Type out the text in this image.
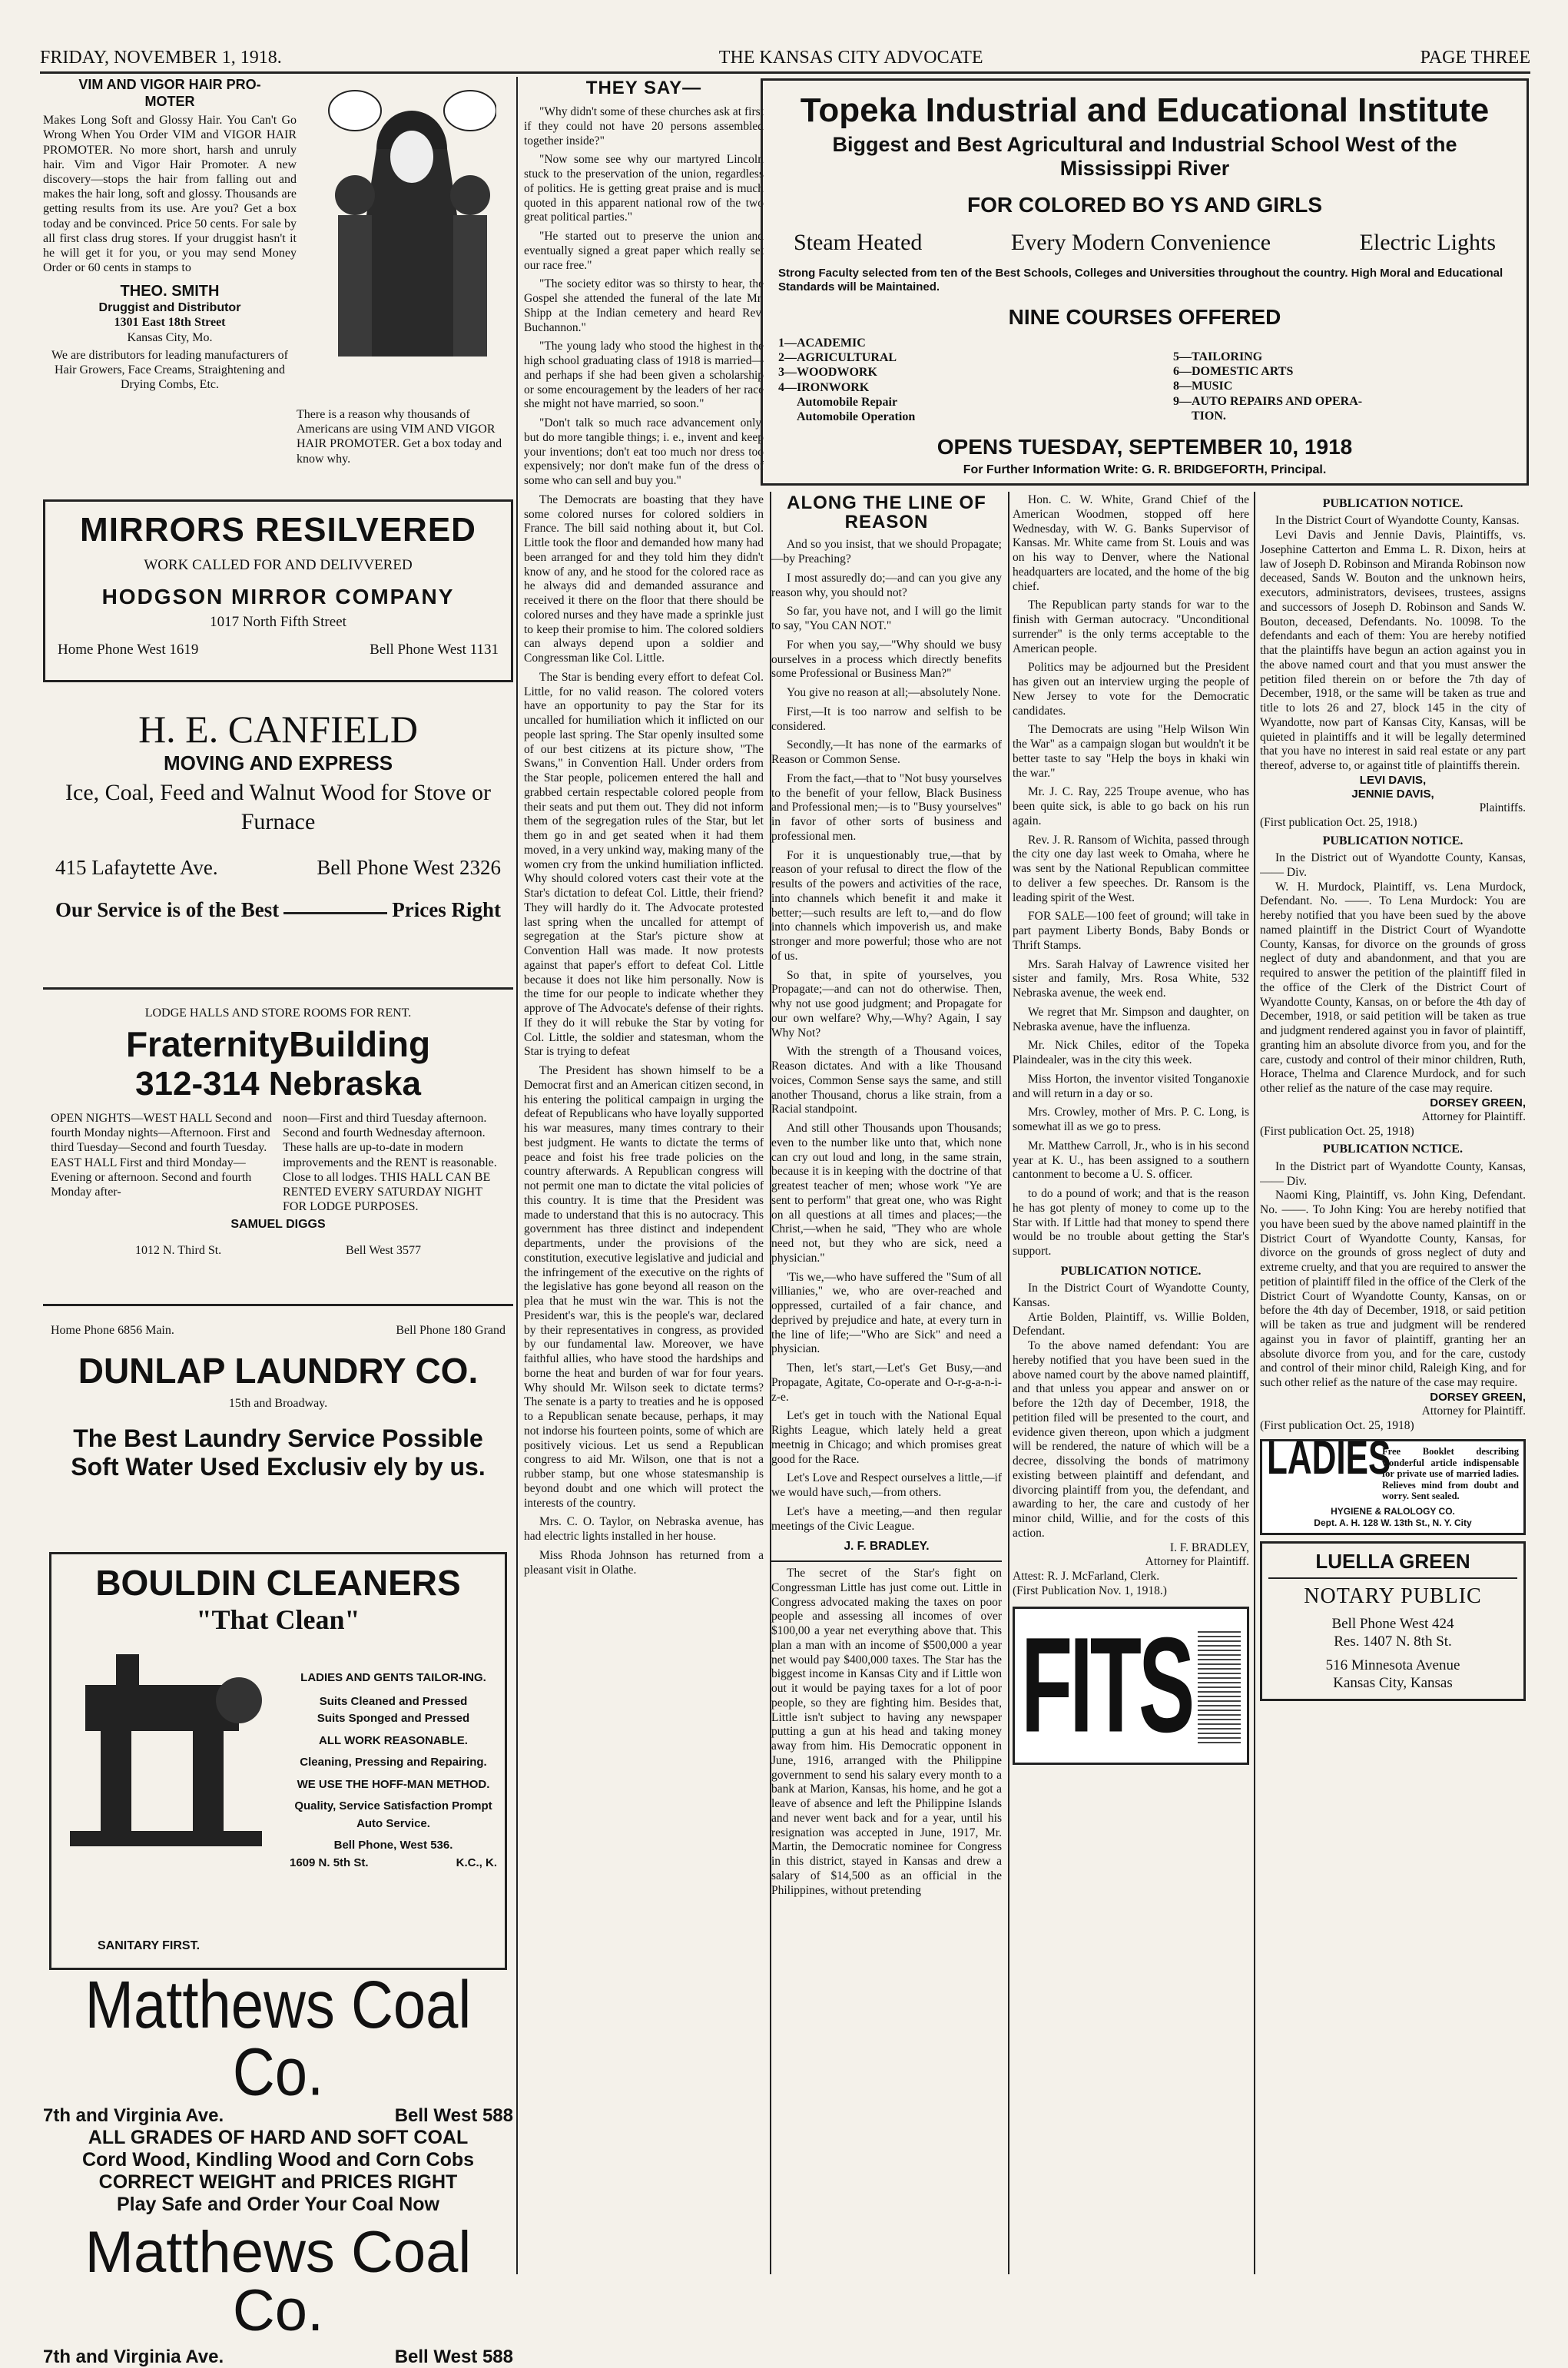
FRIDAY, NOVEMBER 1, 1918.	THE KANSAS CITY ADVOCATE	PAGE THREE
VIM AND VIGOR HAIR PRO-
MOTER
Makes Long Soft and Glossy Hair. You Can't Go Wrong When You Order VIM and VIGOR HAIR PROMOTER. No more short, harsh and unruly hair. Vim and Vigor Hair Promoter. A new discovery—stops the hair from falling out and makes the hair long, soft and glossy. Thousands are getting results from its use. Are you? Get a box today and be convinced. Price 50 cents. For sale by all first class drug stores. If your druggist hasn't it he will get it for you, or you may send Money Order or 60 cents in stamps to
THEO. SMITH
Druggist and Distributor
1301 East 18th Street
Kansas City, Mo.
We are distributors for leading manufacturers of Hair Growers, Face Creams, Straightening and Drying Combs, Etc.
There is a reason why thousands of Americans are using VIM AND VIGOR HAIR PROMOTER. Get a box today and know why.
MIRRORS RESILVERED
WORK CALLED FOR AND DELIVVERED
HODGSON MIRROR COMPANY
1017 North Fifth Street
Home Phone West 1619	Bell Phone West 1131
H. E. CANFIELD
MOVING AND EXPRESS
Ice, Coal, Feed and Walnut Wood for Stove or Furnace
415 Lafaytette Ave.	Bell Phone West 2326
Our Service is of the Best	Prices Right
LODGE HALLS AND STORE ROOMS FOR RENT.
FraternityBuilding
312-314 Nebraska
OPEN NIGHTS—WEST HALL Second and fourth Monday nights—Afternoon. First and third Tuesday—Second and fourth Tuesday. EAST HALL First and third Monday—Evening or afternoon. Second and fourth Monday after-
noon—First and third Tuesday afternoon. Second and fourth Wednesday afternoon. These halls are up-to-date in modern improvements and the RENT is reasonable. Close to all lodges. THIS HALL CAN BE RENTED EVERY SATURDAY NIGHT FOR LODGE PURPOSES.
SAMUEL DIGGS
1012 N. Third St.	Bell West 3577
Home Phone 6856 Main.	Bell Phone 180 Grand
DUNLAP LAUNDRY CO.
15th and Broadway.
The Best Laundry Service Possible
Soft Water Used Exclusiv ely by us.
BOULDIN CLEANERS
"That Clean"
LADIES AND GENTS TAILOR-ING.
Suits Cleaned and Pressed
Suits Sponged and Pressed
ALL WORK REASONABLE.
Cleaning, Pressing and Repairing.
WE USE THE HOFF-MAN METHOD.
Quality, Service Satisfaction Prompt Auto Service.
Bell Phone, West 536.
1609 N. 5th St.	K.C., K.
SANITARY FIRST.
Matthews Coal Co.
7th and Virginia Ave.	Bell West 588
ALL GRADES OF HARD AND SOFT COAL
Cord Wood, Kindling Wood and Corn Cobs
CORRECT WEIGHT and PRICES RIGHT
Play Safe and Order Your Coal Now
Matthews Coal Co.
7th and Virginia Ave.	Bell West 588
THEY SAY—

"Why didn't some of these churches ask at first if they could not have 20 persons assembled together inside?"

"Now some see why our martyred Lincoln stuck to the preservation of the union, regardless of politics. He is getting great praise and is much quoted in this apparent national row of the two great political parties."

"He started out to preserve the union and eventually signed a great paper which really set our race free."

"The society editor was so thirsty to hear, the Gospel she attended the funeral of the late Mr. Shipp at the Indian cemetery and heard Rev. Buchannon."

"The young lady who stood the highest in the high school graduating class of 1918 is married—and perhaps if she had been given a scholarship or some encouragement by the leaders of her race she might not have married, so soon."

"Don't talk so much race advancement only, but do more tangible things; i. e., invent and keep your inventions; don't eat too much nor dress too expensively; nor don't make fun of the dress of some who can sell and buy you."

The Democrats are boasting that they have some colored nurses for colored soldiers in France. The bill said nothing about it, but Col. Little took the floor and demanded how many had been arranged for and they told him they didn't know of any, and he stood for the colored race as he always did and demanded assurance and received it there on the floor that there should be colored nurses and they have made a sprinkle just to keep their promise to him. The colored soldiers can always depend upon a soldier and Congressman like Col. Little.

The Star is bending every effort to defeat Col. Little, for no valid reason. The colored voters have an opportunity to pay the Star for its uncalled for humiliation which it inflicted on our people last spring. The Star openly insulted some of our best citizens at its picture show, "The Swans," in Convention Hall. Under orders from the Star people, policemen entered the hall and grabbed certain respectable colored people from their seats and put them out. They did not inform them of the segregation rules of the Star, but let them go in and get seated when it had them moved, in a very unkind way, making many of the women cry from the unkind humiliation inflicted. Why should colored voters cast their vote at the Star's dictation to defeat Col. Little, their friend? They will hardly do it. The Advocate protested last spring when the uncalled for attempt of segregation at the Star's picture show at Convention Hall was made. It now protests against that paper's effort to defeat Col. Little because it does not like him personally. Now is the time for our people to indicate whether they approve of The Advocate's defense of their rights. If they do it will rebuke the Star by voting for Col. Little, the soldier and statesman, whom the Star is trying to defeat

The President has shown himself to be a Democrat first and an American citizen second, in his entering the political campaign in urging the defeat of Republicans who have loyally supported his war measures, many times contrary to their best judgment. He wants to dictate the terms of peace and foist his free trade policies on the country afterwards. A Republican congress will not permit one man to dictate the vital policies of this country. It is time that the President was made to understand that this is no autocracy. This government has three distinct and independent departments, under the provisions of the constitution, executive legislative and judicial and the infringement of the executive on the rights of the legislative has gone beyond all reason on the plea that he must win the war. This is not the President's war, this is the people's war, declared by their representatives in congress, as provided by our fundamental law. Moreover, we have faithful allies, who have stood the hardships and borne the heat and burden of war for four years. Why should Mr. Wilson seek to dictate terms? The senate is a party to treaties and he is opposed to a Republican senate because, perhaps, it may not indorse his fourteen points, some of which are positively vicious. Let us send a Republican congress to aid Mr. Wilson, one that is not a rubber stamp, but one whose statesmanship is beyond doubt and one which will protect the interests of the country.

Mrs. C. O. Taylor, on Nebraska avenue, has had electric lights installed in her house.

Miss Rhoda Johnson has returned from a pleasant visit in Olathe.

Topeka Industrial and Educational Institute
Biggest and Best Agricultural and Industrial School West of the
Mississippi River
FOR COLORED BO YS AND GIRLS
Steam Heated	Every Modern Convenience	Electric Lights
Strong Faculty selected from ten of the Best Schools, Colleges and Universities throughout the country. High Moral and Educational Standards will be Maintained.
NINE COURSES OFFERED
1—ACADEMIC
2—AGRICULTURAL
3—WOODWORK
4—IRONWORK
Automobile Repair
Automobile Operation
5—TAILORING
6—DOMESTIC ARTS
8—MUSIC
9—AUTO REPAIRS AND OPERA-
TION.
OPENS TUESDAY, SEPTEMBER 10, 1918
For Further Information Write: G. R. BRIDGEFORTH, Principal.
ALONG THE LINE OF REASON

And so you insist, that we should Propagate;—by Preaching?

I most assuredly do;—and can you give any reason why, you should not?

So far, you have not, and I will go the limit to say, "You CAN NOT."

For when you say,—"Why should we busy ourselves in a process which directly benefits some Professional or Business Man?"

You give no reason at all;—absolutely None.

First,—It is too narrow and selfish to be considered.

Secondly,—It has none of the earmarks of Reason or Common Sense.

From the fact,—that to "Not busy yourselves to the benefit of your fellow, Black Business and Professional men;—is to "Busy yourselves" in favor of other sorts of business and professional men.

For it is unquestionably true,—that by reason of your refusal to direct the flow of the results of the powers and activities of the race, into channels which benefit it and make it better;—such results are left to,—and do flow into channels which impoverish us, and make stronger and more powerful; those who are not of us.

So that, in spite of yourselves, you Propagate;—and can not do otherwise. Then, why not use good judgment; and Propagate for our own welfare? Why,—Why? Again, I say Why Not?

With the strength of a Thousand voices, Reason dictates. And with a like Thousand voices, Common Sense says the same, and still another Thousand, chorus a like strain, from a Racial standpoint.

And still other Thousands upon Thousands; even to the number like unto that, which none can cry out loud and long, in the same strain, because it is in keeping with the doctrine of that greatest teacher of men; whose work "Ye are sent to perform" that great one, who was Right on all questions at all times and places;—the Christ,—when he said, "They who are whole need not, but they who are sick, need a physician."

'Tis we,—who have suffered the "Sum of all villianies," we, who are over-reached and oppressed, curtailed of a fair chance, and deprived by prejudice and hate, at every turn in the line of life;—"Who are Sick" and need a physician.

Then, let's start,—Let's Get Busy,—and Propagate, Agitate, Co-operate and O-r-g-a-n-i-z-e.

Let's get in touch with the National Equal Rights League, which lately held a great meetnig in Chicago; and which promises great good for the Race.

Let's Love and Respect ourselves a little,—if we would have such,—from others.

Let's have a meeting,—and then regular meetings of the Civic League.

J. F. BRADLEY.

The secret of the Star's fight on Congressman Little has just come out. Little in Congress advocated making the taxes on poor people and assessing all incomes of over $100,00 a year net everything above that. This plan a man with an income of $500,000 a year net would pay $400,000 taxes. The Star has the biggest income in Kansas City and if Little won out it would be paying taxes for a lot of poor people, so they are fighting him. Besides that, Little isn't subject to having any newspaper putting a gun at his head and taking money away from him. His Democratic opponent in June, 1916, arranged with the Philippine government to send his salary every month to a bank at Marion, Kansas, his home, and he got a leave of absence and left the Philippine Islands and never went back and for a year, until his resignation was accepted in June, 1917, Mr. Martin, the Democratic nominee for Congress in this district, stayed in Kansas and drew a salary of $14,500 as an official in the Philippines, without pretending

Hon. C. W. White, Grand Chief of the American Woodmen, stopped off here Wednesday, with W. G. Banks Supervisor of Kansas. Mr. White came from St. Louis and was on his way to Denver, where the National headquarters are located, and the home of the big chief.

The Republican party stands for war to the finish with German autocracy. "Unconditional surrender" is the only terms acceptable to the American people.

Politics may be adjourned but the President has given out an interview urging the people of New Jersey to vote for the Democratic candidates.

The Democrats are using "Help Wilson Win the War" as a campaign slogan but wouldn't it be better taste to say "Help the boys in khaki win the war."

Mr. J. C. Ray, 225 Troupe avenue, who has been quite sick, is able to go back on his run again.

Rev. J. R. Ransom of Wichita, passed through the city one day last week to Omaha, where he was sent by the National Republican committee to deliver a few speeches. Dr. Ransom is the leading spirit of the West.

FOR SALE—100 feet of ground; will take in part payment Liberty Bonds, Baby Bonds or Thrift Stamps.

Mrs. Sarah Halvay of Lawrence visited her sister and family, Mrs. Rosa White, 532 Nebraska avenue, the week end.

We regret that Mr. Simpson and daughter, on Nebraska avenue, have the influenza.

Mr. Nick Chiles, editor of the Topeka Plaindealer, was in the city this week.

Miss Horton, the inventor visited Tonganoxie and will return in a day or so.

Mrs. Crowley, mother of Mrs. P. C. Long, is somewhat ill as we go to press.

Mr. Matthew Carroll, Jr., who is in his second year at K. U., has been assigned to a southern cantonment to become a U. S. officer.

to do a pound of work; and that is the reason he has got plenty of money to come up to the Star with. If Little had that money to spend there would be no trouble about getting the Star's support.

PUBLICATION NOTICE.

In the District Court of Wyandotte County, Kansas.

Artie Bolden, Plaintiff, vs. Willie Bolden, Defendant.

To the above named defendant: You are hereby notified that you have been sued in the above named court by the above named plaintiff, and that unless you appear and answer on or before the 12th day of December, 1918, the petition filed will be presented to the court, and evidence given thereon, upon which a judgment will be rendered, the nature of which will be a decree, dissolving the bonds of matrimony existing between plaintiff and defendant, and divorcing plaintiff from you, the defendant, and awarding to her, the care and custody of her minor child, Willie, and for the costs of this action.

I. F. BRADLEY,
Attorney for Plaintiff.
Attest: R. J. McFarland, Clerk.
(First Publication Nov. 1, 1918.)
FITS
PUBLICATION NOTICE.

In the District Court of Wyandotte County, Kansas.

Levi Davis and Jennie Davis, Plaintiffs, vs. Josephine Catterton and Emma L. R. Dixon, heirs at law of Joseph D. Robinson and Miranda Robinson now deceased, Sands W. Bouton and the unknown heirs, executors, administrators, devisees, trustees, assigns and successors of Joseph D. Robinson and Sands W. Bouton, deceased, Defendants. No. 10098. To the defendants and each of them: You are hereby notified that the plaintiffs have begun an action against you in the above named court and that you must answer the petition filed therein on or before the 7th day of December, 1918, or the same will be taken as true and title to lots 26 and 27, block 145 in the city of Wyandotte, now part of Kansas City, Kansas, will be quieted in plaintiffs and it will be legally determined that you have no interest in said real estate or any part thereof, adverse to, or against title of plaintiffs therein.

LEVI DAVIS,
JENNIE DAVIS,
Plaintiffs.
(First publication Oct. 25, 1918.)
PUBLICATION NOTICE.

In the District out of Wyandotte County, Kansas,—— Div.

W. H. Murdock, Plaintiff, vs. Lena Murdock, Defendant. No. ——. To Lena Murdock: You are hereby notified that you have been sued by the above named plaintiff in the District Court of Wyandotte County, Kansas, for divorce on the grounds of gross neglect of duty and abandonment, and that you are required to answer the petition of the plaintiff filed in the office of the Clerk of the District Court of Wyandotte County, Kansas, on or before the 4th day of December, 1918, or said petition will be taken as true and judgment rendered against you in favor of plaintiff, granting him an absolute divorce from you, and for the care, custody and control of their minor children, Ruth, Horace, Thelma and Clarence Murdock, and for such other relief as the nature of the case may require.

DORSEY GREEN,
Attorney for Plaintiff.
(First publication Oct. 25, 1918)
PUBLICATION NCTICE.

In the District part of Wyandotte County, Kansas,—— Div.

Naomi King, Plaintiff, vs. John King, Defendant. No. ——. To John King: You are hereby notified that you have been sued by the above named plaintiff in the District Court of Wyandotte County, Kansas, for divorce on the grounds of gross neglect of duty and extreme cruelty, and that you are required to answer the petition of plaintiff filed in the office of the Clerk of the District Court of Wyandotte County, Kansas, on or before the 4th day of December, 1918, or said petition will be taken as true and judgment will be rendered against you in favor of plaintiff, granting her an absolute divorce from you, and for the care, custody and control of their minor child, Raleigh King, and for such other relief as the nature of the case may require.

DORSEY GREEN,
Attorney for Plaintiff.
(First publication Oct. 25, 1918)
LADIES
Free Booklet describing wonderful article indispensable for private use of married ladies. Relieves mind from doubt and worry. Sent sealed.
HYGIENE & RALOLOGY CO.
Dept. A. H. 128 W. 13th St., N. Y. City
LUELLA GREEN
NOTARY PUBLIC
Bell Phone West 424
Res. 1407 N. 8th St.
516 Minnesota Avenue
Kansas City, Kansas
